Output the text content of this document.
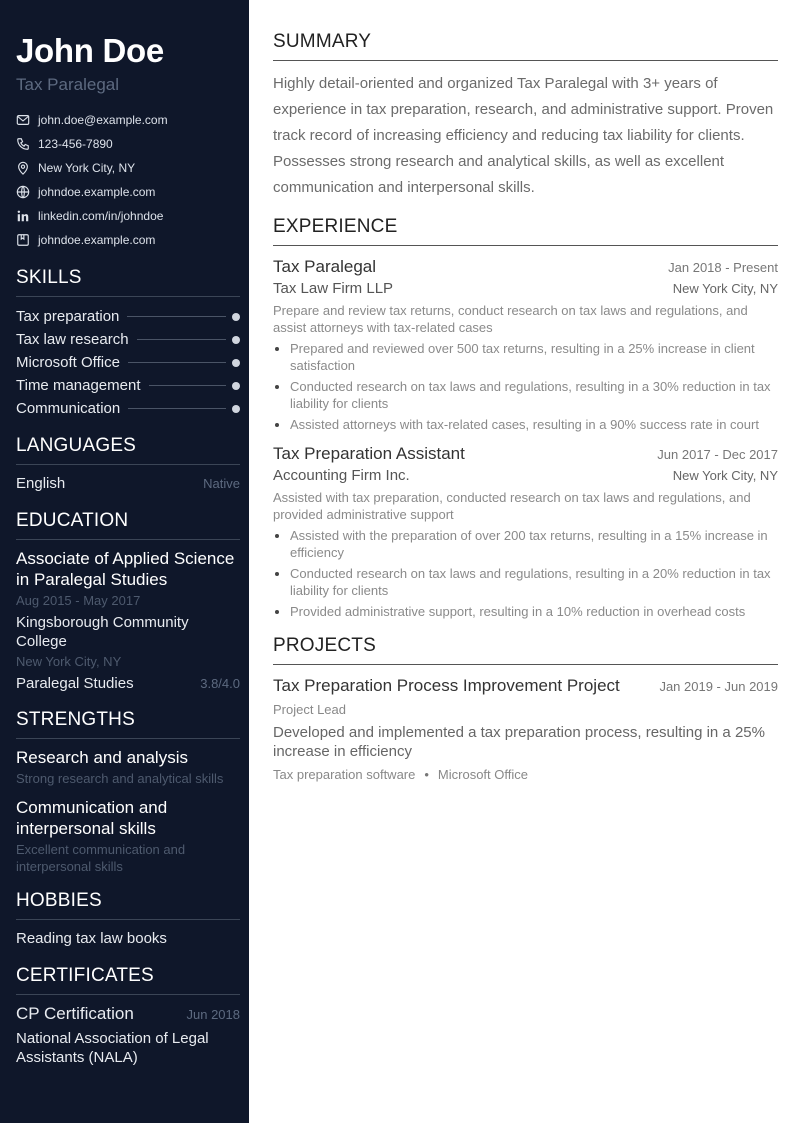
John Doe
Tax Paralegal
john.doe@example.com
123-456-7890
New York City, NY
johndoe.example.com
linkedin.com/in/johndoe
johndoe.example.com
SKILLS
Tax preparation
Tax law research
Microsoft Office
Time management
Communication
LANGUAGES
English	Native
EDUCATION
Associate of Applied Science in Paralegal Studies
Aug 2015 - May 2017
Kingsborough Community College
New York City, NY
Paralegal Studies	3.8/4.0
STRENGTHS
Research and analysis
Strong research and analytical skills
Communication and interpersonal skills
Excellent communication and interpersonal skills
HOBBIES
Reading tax law books
CERTIFICATES
CP Certification	Jun 2018
National Association of Legal Assistants (NALA)
SUMMARY
Highly detail-oriented and organized Tax Paralegal with 3+ years of experience in tax preparation, research, and administrative support. Proven track record of increasing efficiency and reducing tax liability for clients. Possesses strong research and analytical skills, as well as excellent communication and interpersonal skills.
EXPERIENCE
Tax Paralegal	Jan 2018 - Present
Tax Law Firm LLP	New York City, NY
Prepare and review tax returns, conduct research on tax laws and regulations, and assist attorneys with tax-related cases
• Prepared and reviewed over 500 tax returns, resulting in a 25% increase in client satisfaction
• Conducted research on tax laws and regulations, resulting in a 30% reduction in tax liability for clients
• Assisted attorneys with tax-related cases, resulting in a 90% success rate in court
Tax Preparation Assistant	Jun 2017 - Dec 2017
Accounting Firm Inc.	New York City, NY
Assisted with tax preparation, conducted research on tax laws and regulations, and provided administrative support
• Assisted with the preparation of over 200 tax returns, resulting in a 15% increase in efficiency
• Conducted research on tax laws and regulations, resulting in a 20% reduction in tax liability for clients
• Provided administrative support, resulting in a 10% reduction in overhead costs
PROJECTS
Tax Preparation Process Improvement Project	Jan 2019 - Jun 2019
Project Lead
Developed and implemented a tax preparation process, resulting in a 25% increase in efficiency
Tax preparation software • Microsoft Office
